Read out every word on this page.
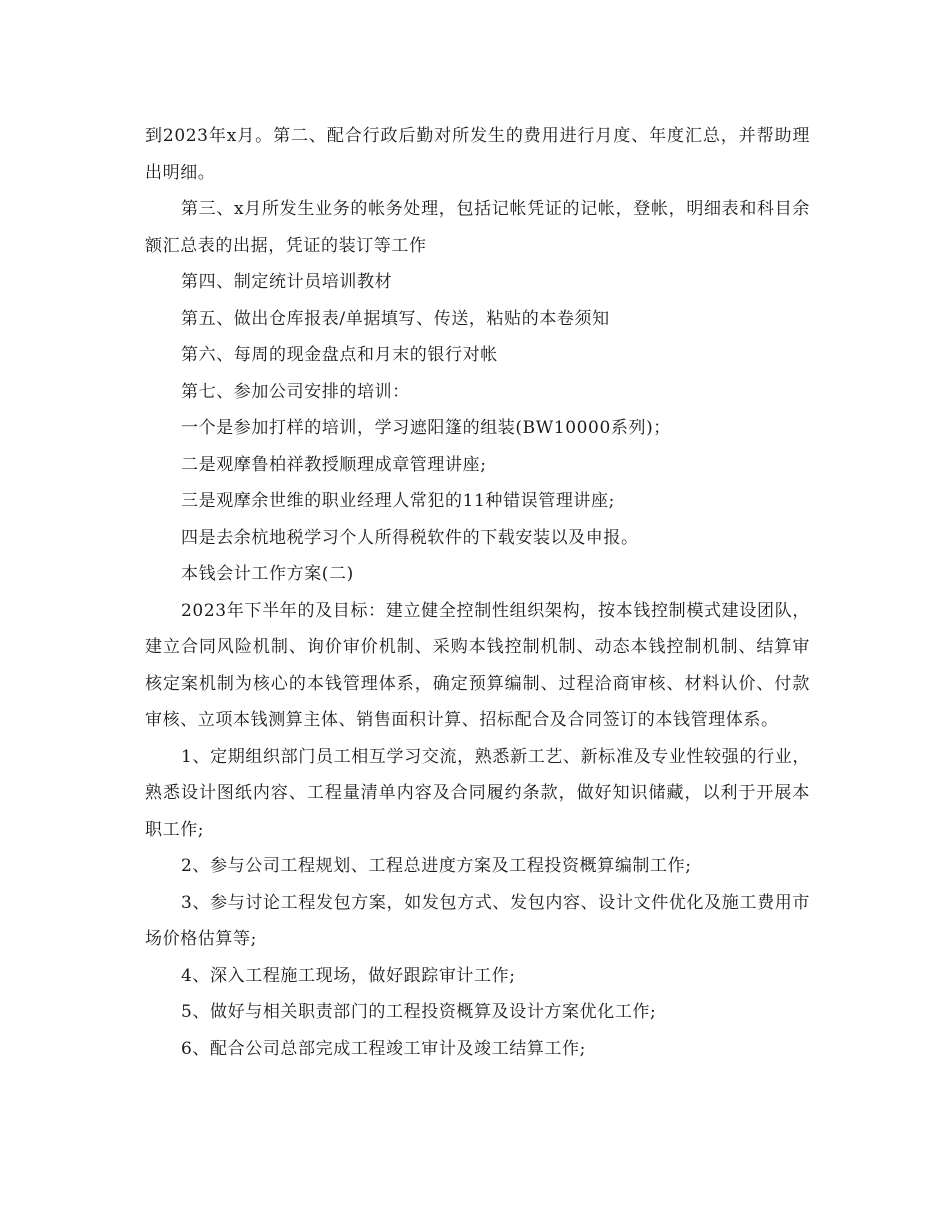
到2023年x月。第二、配合行政后勤对所发生的费用进行月度、年度汇总，并帮助理出明细。

第三、x月所发生业务的帐务处理，包括记帐凭证的记帐，登帐，明细表和科目余额汇总表的出据，凭证的装订等工作

第四、制定统计员培训教材

第五、做出仓库报表/单据填写、传送，粘贴的本卷须知

第六、每周的现金盘点和月末的银行对帐

第七、参加公司安排的培训：

一个是参加打样的培训，学习遮阳篷的组装(BW10000系列)；

二是观摩鲁柏祥教授顺理成章管理讲座;

三是观摩余世维的职业经理人常犯的11种错误管理讲座;

四是去余杭地税学习个人所得税软件的下载安装以及申报。

本钱会计工作方案(二)

2023年下半年的及目标：建立健全控制性组织架构，按本钱控制模式建设团队，建立合同风险机制、询价审价机制、采购本钱控制机制、动态本钱控制机制、结算审核定案机制为核心的本钱管理体系，确定预算编制、过程洽商审核、材料认价、付款审核、立项本钱测算主体、销售面积计算、招标配合及合同签订的本钱管理体系。

1、定期组织部门员工相互学习交流，熟悉新工艺、新标准及专业性较强的行业，熟悉设计图纸内容、工程量清单内容及合同履约条款，做好知识储藏，以利于开展本职工作;

2、参与公司工程规划、工程总进度方案及工程投资概算编制工作;

3、参与讨论工程发包方案，如发包方式、发包内容、设计文件优化及施工费用市场价格估算等;

4、深入工程施工现场，做好跟踪审计工作;

5、做好与相关职责部门的工程投资概算及设计方案优化工作;

6、配合公司总部完成工程竣工审计及竣工结算工作;
